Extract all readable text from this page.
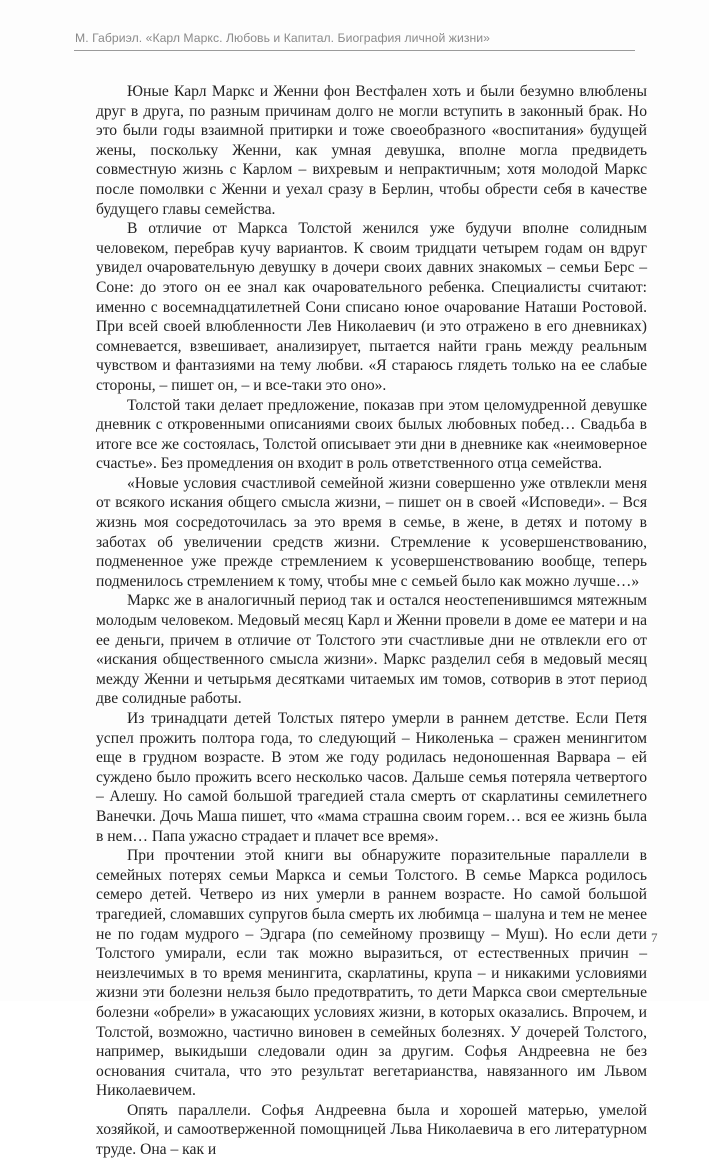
М. Габриэл. «Карл Маркс. Любовь и Капитал. Биография личной жизни»

Юные Карл Маркс и Женни фон Вестфален хоть и были безумно влюблены друг в друга, по разным причинам долго не могли вступить в законный брак. Но это были годы взаимной притирки и тоже своеобразного «воспитания» будущей жены, поскольку Женни, как умная девушка, вполне могла предвидеть совместную жизнь с Карлом – вихревым и непрактичным; хотя молодой Маркс после помолвки с Женни и уехал сразу в Берлин, чтобы обрести себя в качестве будущего главы семейства.

В отличие от Маркса Толстой женился уже будучи вполне солидным человеком, перебрав кучу вариантов. К своим тридцати четырем годам он вдруг увидел очаровательную девушку в дочери своих давних знакомых – семьи Берс – Соне: до этого он ее знал как очаровательного ребенка. Специалисты считают: именно с восемнадцатилетней Сони списано юное очарование Наташи Ростовой. При всей своей влюбленности Лев Николаевич (и это отражено в его дневниках) сомневается, взвешивает, анализирует, пытается найти грань между реальным чувством и фантазиями на тему любви. «Я стараюсь глядеть только на ее слабые стороны, – пишет он, – и все-таки это оно».

Толстой таки делает предложение, показав при этом целомудренной девушке дневник с откровенными описаниями своих былых любовных побед… Свадьба в итоге все же состоялась, Толстой описывает эти дни в дневнике как «неимоверное счастье». Без промедления он входит в роль ответственного отца семейства.

«Новые условия счастливой семейной жизни совершенно уже отвлекли меня от всякого искания общего смысла жизни, – пишет он в своей «Исповеди». – Вся жизнь моя сосредоточилась за это время в семье, в жене, в детях и потому в заботах об увеличении средств жизни. Стремление к усовершенствованию, подмененное уже прежде стремлением к усовершенствованию вообще, теперь подменилось стремлением к тому, чтобы мне с семьей было как можно лучше…»

Маркс же в аналогичный период так и остался неостепенившимся мятежным молодым человеком. Медовый месяц Карл и Женни провели в доме ее матери и на ее деньги, причем в отличие от Толстого эти счастливые дни не отвлекли его от «искания общественного смысла жизни». Маркс разделил себя в медовый месяц между Женни и четырьмя десятками читаемых им томов, сотворив в этот период две солидные работы.

Из тринадцати детей Толстых пятеро умерли в раннем детстве. Если Петя успел прожить полтора года, то следующий – Николенька – сражен менингитом еще в грудном возрасте. В этом же году родилась недоношенная Варвара – ей суждено было прожить всего несколько часов. Дальше семья потеряла четвертого – Алешу. Но самой большой трагедией стала смерть от скарлатины семилетнего Ванечки. Дочь Маша пишет, что «мама страшна своим горем… вся ее жизнь была в нем… Папа ужасно страдает и плачет все время».

При прочтении этой книги вы обнаружите поразительные параллели в семейных потерях семьи Маркса и семьи Толстого. В семье Маркса родилось семеро детей. Четверо из них умерли в раннем возрасте. Но самой большой трагедией, сломавших супругов была смерть их любимца – шалуна и тем не менее не по годам мудрого – Эдгара (по семейному прозвищу – Муш). Но если дети Толстого умирали, если так можно выразиться, от естественных причин – неизлечимых в то время менингита, скарлатины, крупа – и никакими условиями жизни эти болезни нельзя было предотвратить, то дети Маркса свои смертельные болезни «обрели» в ужасающих условиях жизни, в которых оказались. Впрочем, и Толстой, возможно, частично виновен в семейных болезнях. У дочерей Толстого, например, выкидыши следовали один за другим. Софья Андреевна не без основания считала, что это результат вегетарианства, навязанного им Львом Николаевичем.

Опять параллели. Софья Андреевна была и хорошей матерью, умелой хозяйкой, и самоотверженной помощницей Льва Николаевича в его литературном труде. Она – как и

7
